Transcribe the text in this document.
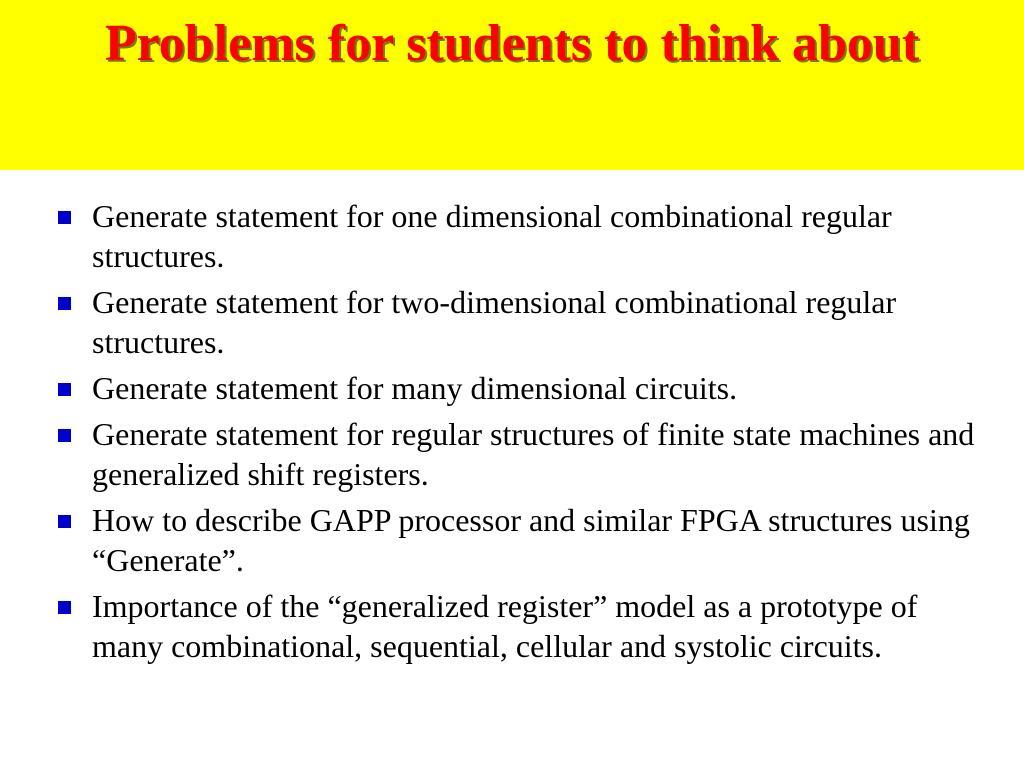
Problems for students to think about
Generate statement for one dimensional combinational regular structures.
Generate statement for two-dimensional combinational regular structures.
Generate statement for many dimensional circuits.
Generate statement for regular structures of finite state machines and generalized shift registers.
How to describe GAPP processor and similar FPGA structures using “Generate”.
Importance of the “generalized register” model as a prototype of many combinational, sequential, cellular and systolic circuits.
